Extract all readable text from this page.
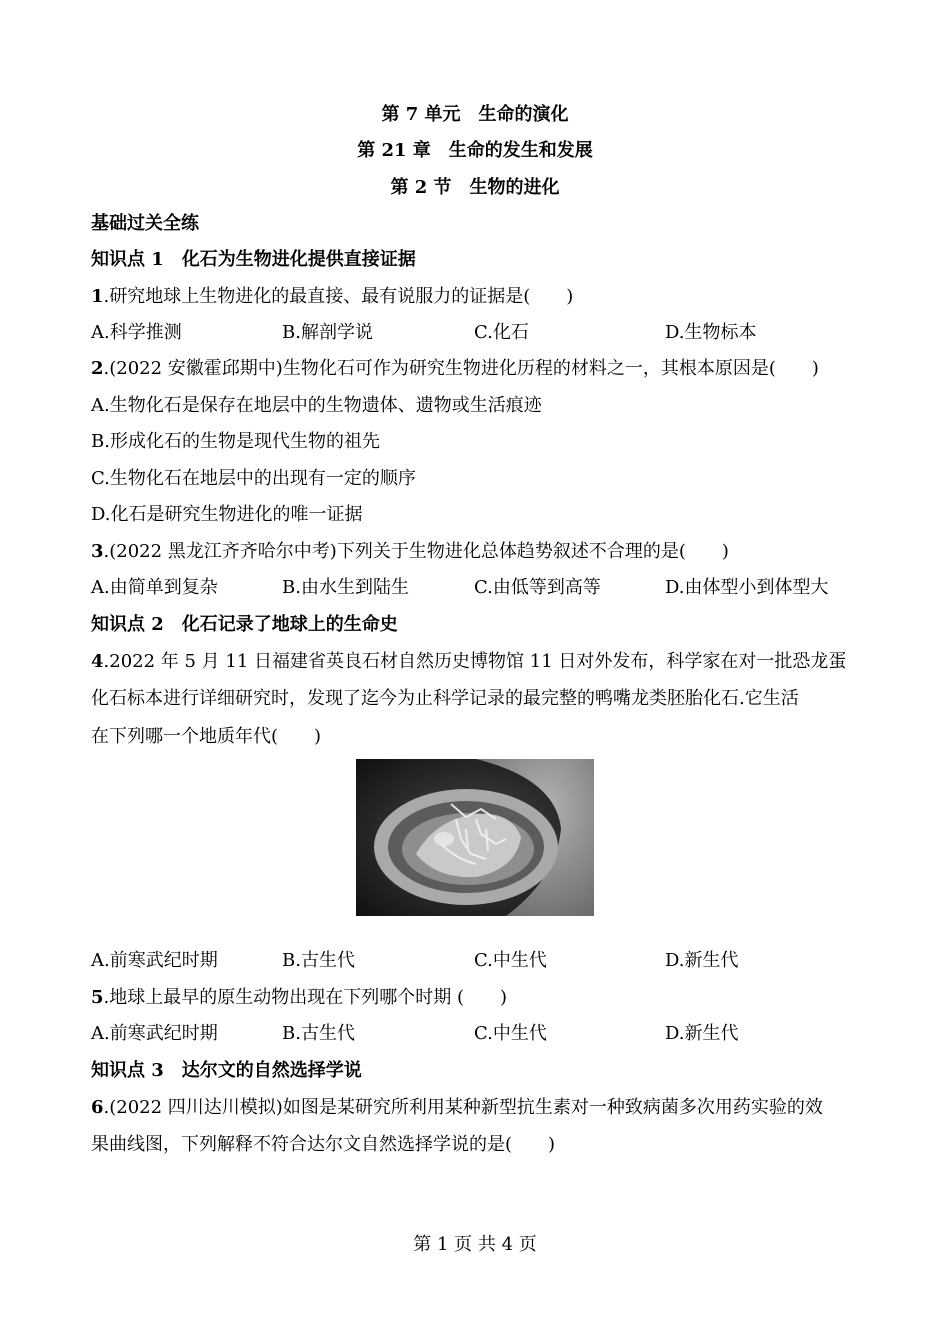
第 7 单元　生命的演化
第 21 章　生命的发生和发展
第 2 节　生物的进化
基础过关全练
知识点 1　化石为生物进化提供直接证据
1.研究地球上生物进化的最直接、最有说服力的证据是(　　)
A.科学推测	B.解剖学说	C.化石	D.生物标本
2.(2022 安徽霍邱期中)生物化石可作为研究生物进化历程的材料之一，其根本原因是(　　)
A.生物化石是保存在地层中的生物遗体、遗物或生活痕迹
B.形成化石的生物是现代生物的祖先
C.生物化石在地层中的出现有一定的顺序
D.化石是研究生物进化的唯一证据
3.(2022 黑龙江齐齐哈尔中考)下列关于生物进化总体趋势叙述不合理的是(　　)
A.由简单到复杂	B.由水生到陆生	C.由低等到高等	D.由体型小到体型大
知识点 2　化石记录了地球上的生命史
4.2022 年 5 月 11 日福建省英良石材自然历史博物馆 11 日对外发布，科学家在对一批恐龙蛋
化石标本进行详细研究时，发现了迄今为止科学记录的最完整的鸭嘴龙类胚胎化石.它生活
在下列哪一个地质年代(　　)
A.前寒武纪时期	B.古生代	C.中生代	D.新生代
5.地球上最早的原生动物出现在下列哪个时期 (　　)
A.前寒武纪时期	B.古生代	C.中生代	D.新生代
知识点 3　达尔文的自然选择学说
6.(2022 四川达川模拟)如图是某研究所利用某种新型抗生素对一种致病菌多次用药实验的效
果曲线图，下列解释不符合达尔文自然选择学说的是(　　)
第 1 页 共 4 页
